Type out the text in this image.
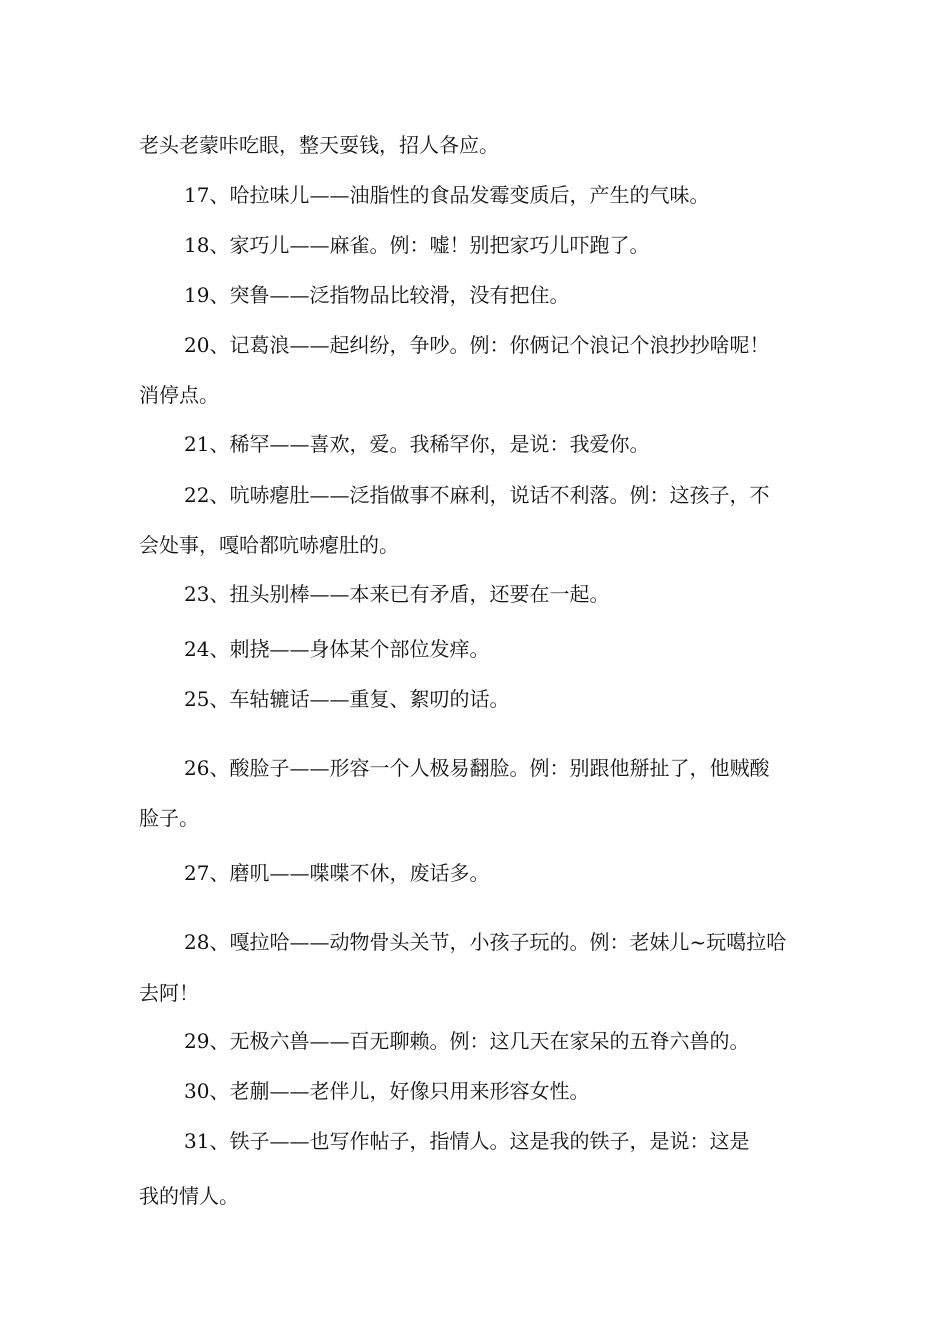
老头老蒙咔吃眼，整天耍钱，招人各应。
17、哈拉味儿——油脂性的食品发霉变质后，产生的气味。
18、家巧儿——麻雀。例：嘘！别把家巧儿吓跑了。
19、突鲁——泛指物品比较滑，没有把住。
20、记葛浪——起纠纷，争吵。例：你俩记个浪记个浪抄抄啥呢！
消停点。
21、稀罕——喜欢，爱。我稀罕你，是说：我爱你。
22、吭哧瘪肚——泛指做事不麻利，说话不利落。例：这孩子，不
会处事，嘎哈都吭哧瘪肚的。
23、扭头别棒——本来已有矛盾，还要在一起。
24、刺挠——身体某个部位发痒。
25、车轱辘话——重复、絮叨的话。
26、酸脸子——形容一个人极易翻脸。例：别跟他掰扯了，他贼酸
脸子。
27、磨叽——喋喋不休，废话多。
28、嘎拉哈——动物骨头关节，小孩子玩的。例：老妹儿~玩噶拉哈
去阿！
29、无极六兽——百无聊赖。例：这几天在家呆的五脊六兽的。
30、老蒯——老伴儿，好像只用来形容女性。
31、铁子——也写作帖子，指情人。这是我的铁子，是说：这是
我的情人。
